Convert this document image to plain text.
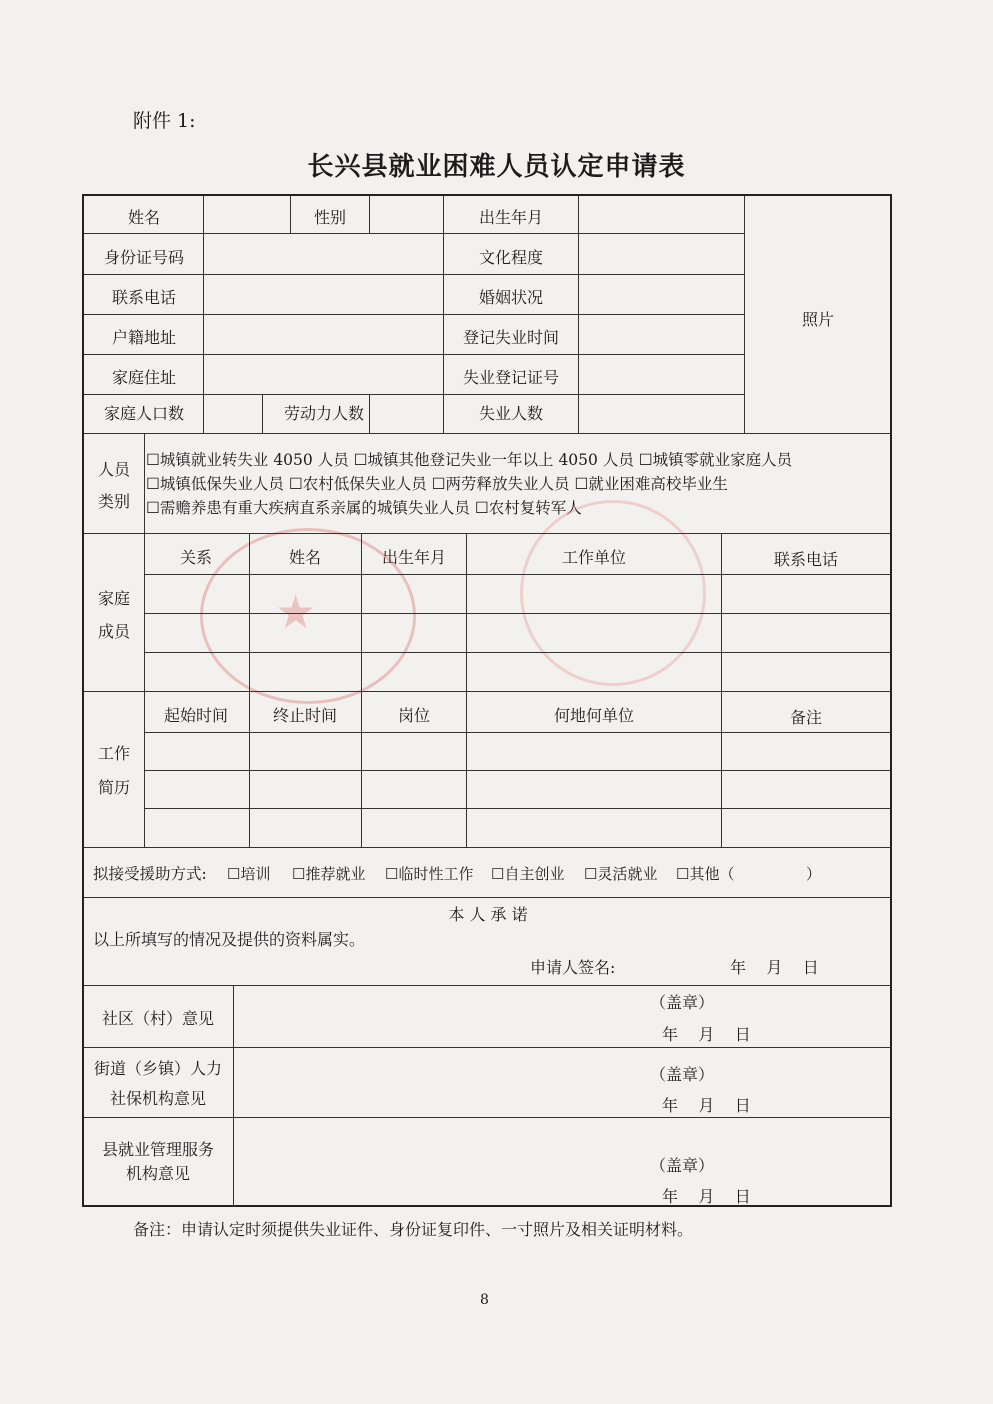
★
附件 1:
长兴县就业困难人员认定申请表
姓名	性别	出生年月
身份证号码	文化程度
联系电话	婚姻状况
户籍地址	登记失业时间
家庭住址	失业登记证号
家庭人口数	劳动力人数	失业人数
照片
人员
类别
☐城镇就业转失业 4050 人员 ☐城镇其他登记失业一年以上 4050 人员 ☐城镇零就业家庭人员
☐城镇低保失业人员 ☐农村低保失业人员 ☐两劳释放失业人员 ☐就业困难高校毕业生
☐需赡养患有重大疾病直系亲属的城镇失业人员 ☐农村复转军人
家庭
成员
关系	姓名	出生年月	工作单位	联系电话
工作
简历
起始时间	终止时间	岗位	何地何单位	备注
拟接受援助方式: ☐培训 ☐推荐就业 ☐临时性工作 ☐自主创业 ☐灵活就业 ☐其他（	）
本 人 承 诺
以上所填写的情况及提供的资料属实。
申请人签名:	年    月    日
社区（村）意见
（盖章）
年    月    日
街道（乡镇）人力
社保机构意见
（盖章）
年    月    日
县就业管理服务
机构意见	（盖章）
年    月    日
备注：申请认定时须提供失业证件、身份证复印件、一寸照片及相关证明材料。
8
